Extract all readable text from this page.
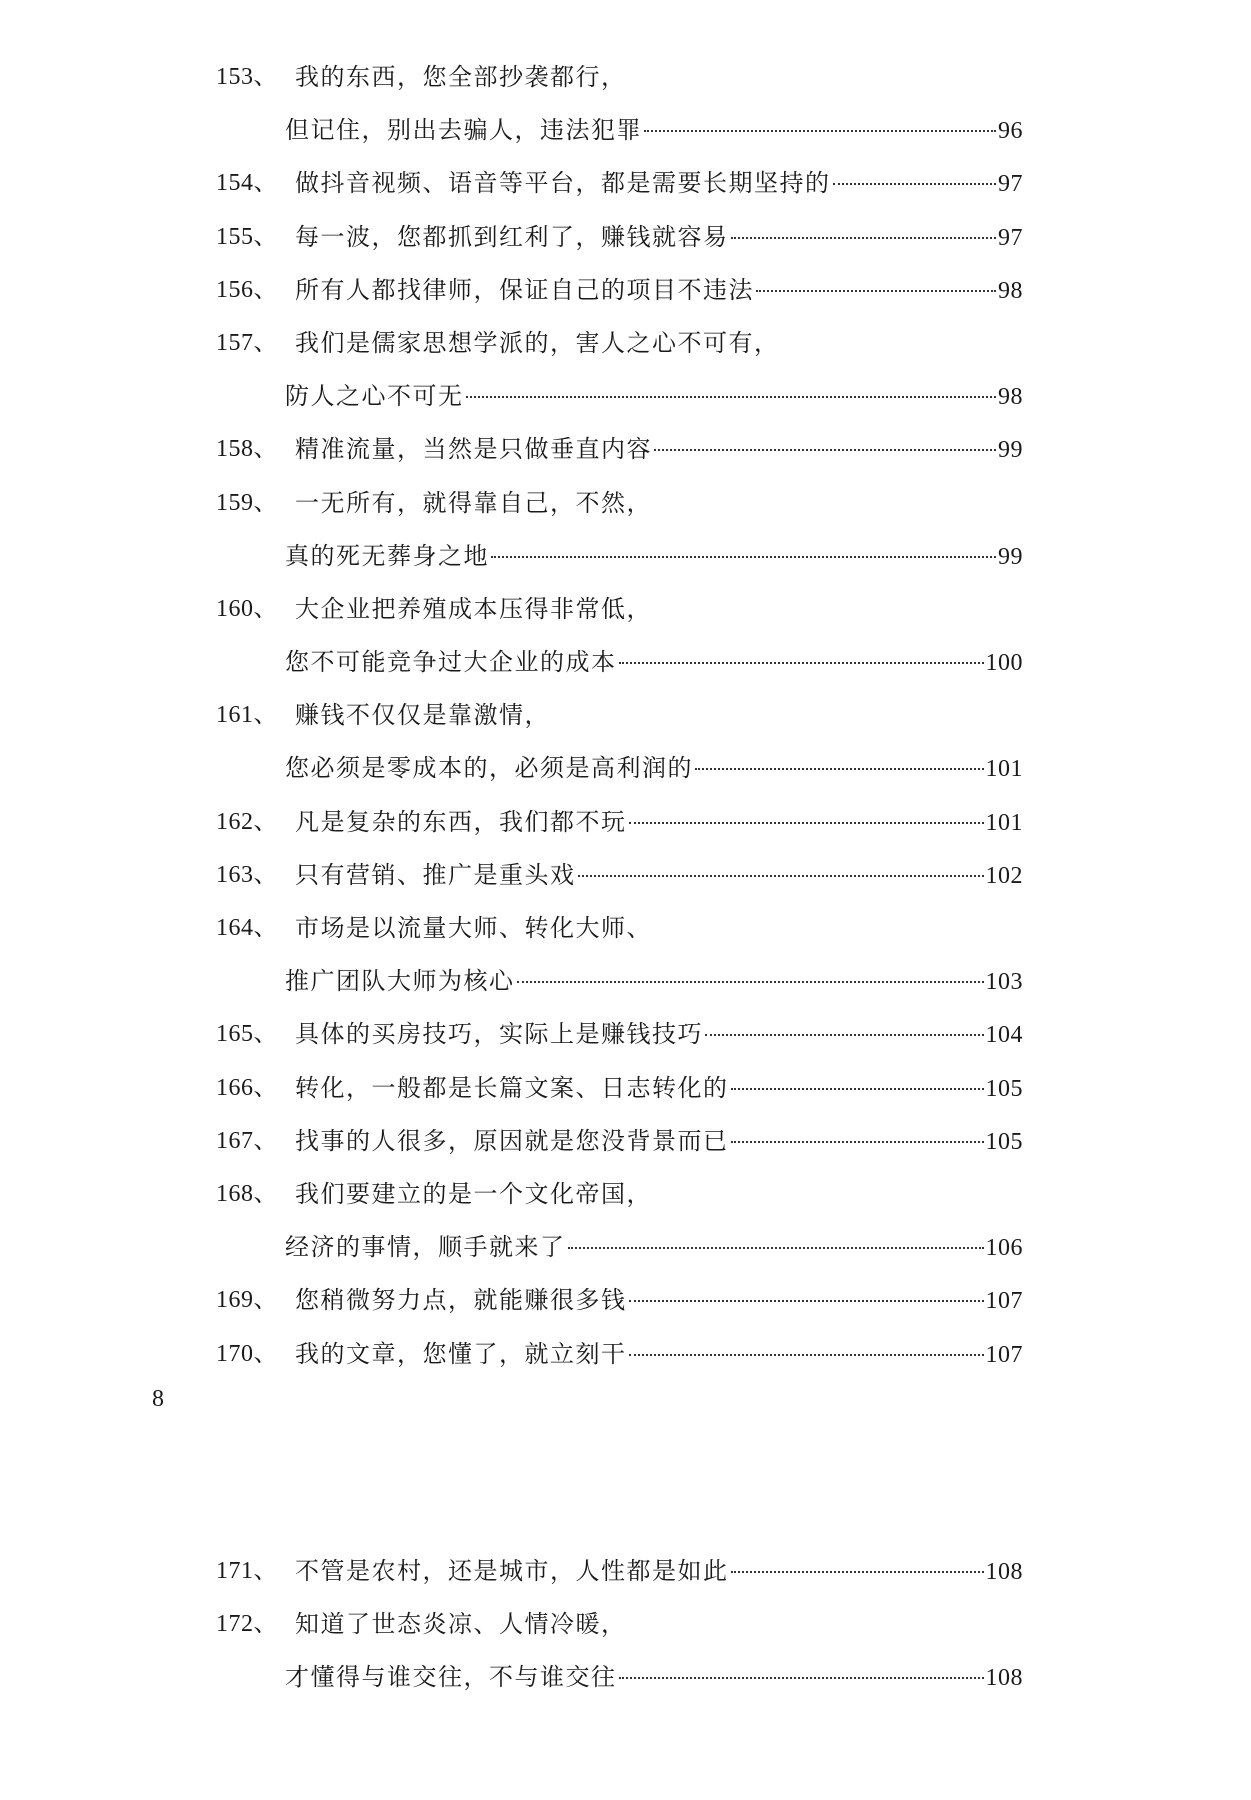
153、 我的东西，您全部抄袭都行，
但记住，别出去骗人，违法犯罪	96
154、 做抖音视频、语音等平台，都是需要长期坚持的	97
155、 每一波，您都抓到红利了，赚钱就容易	97
156、 所有人都找律师，保证自己的项目不违法	98
157、 我们是儒家思想学派的，害人之心不可有，
防人之心不可无	98
158、 精准流量，当然是只做垂直内容	99
159、 一无所有，就得靠自己，不然，
真的死无葬身之地	99
160、 大企业把养殖成本压得非常低，
您不可能竞争过大企业的成本	100
161、 赚钱不仅仅是靠激情，
您必须是零成本的，必须是高利润的	101
162、 凡是复杂的东西，我们都不玩	101
163、 只有营销、推广是重头戏	102
164、 市场是以流量大师、转化大师、
推广团队大师为核心	103
165、 具体的买房技巧，实际上是赚钱技巧	104
166、 转化，一般都是长篇文案、日志转化的	105
167、 找事的人很多，原因就是您没背景而已	105
168、 我们要建立的是一个文化帝国，
经济的事情，顺手就来了	106
169、 您稍微努力点，就能赚很多钱	107
170、 我的文章，您懂了，就立刻干	107
8
171、 不管是农村，还是城市，人性都是如此	108
172、 知道了世态炎凉、人情冷暖，
才懂得与谁交往，不与谁交往	108
